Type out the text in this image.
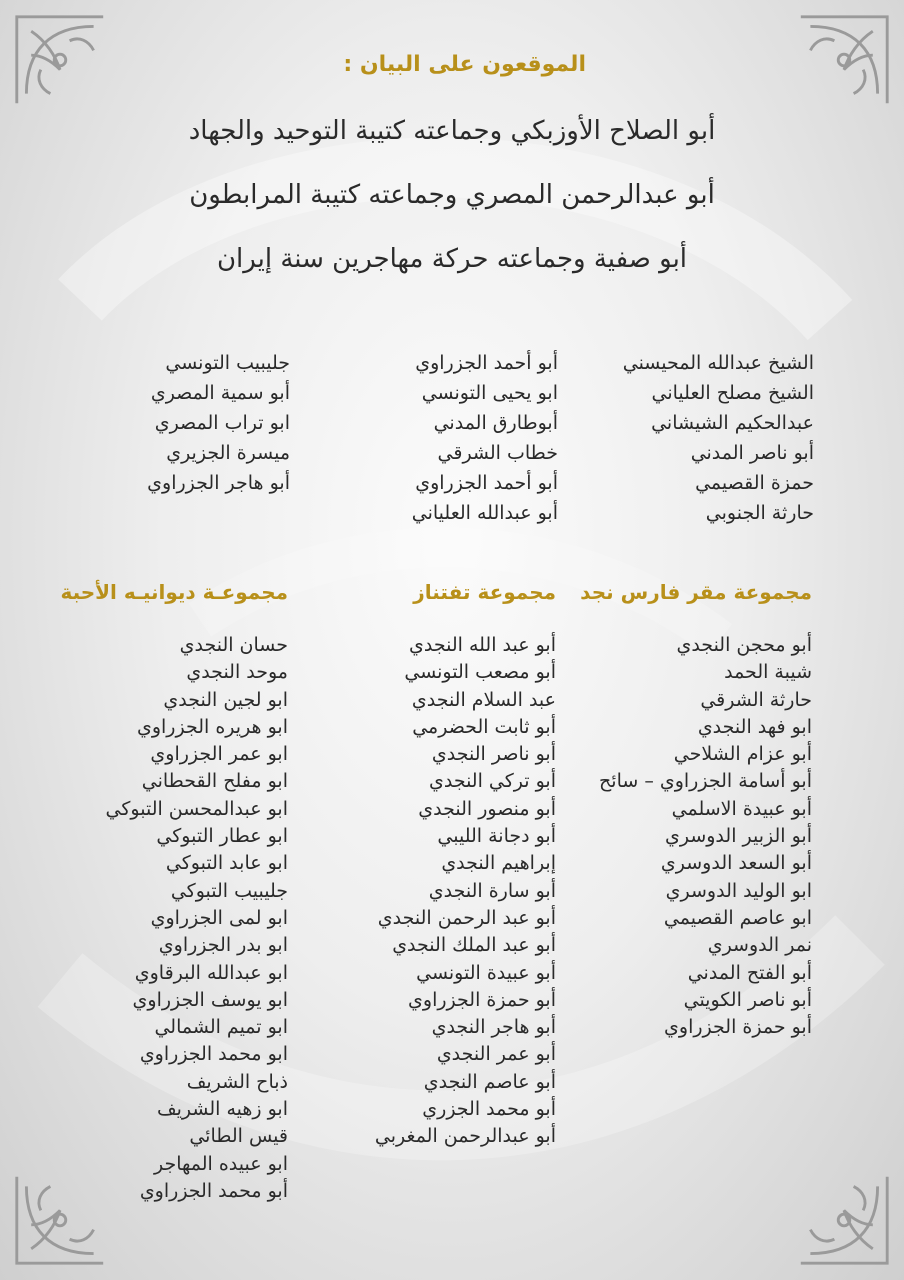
الموقعون على البيان :

أبو الصلاح الأوزبكي وجماعته كتيبة التوحيد والجهاد

أبو عبدالرحمن المصري وجماعته كتيبة المرابطون

أبو صفية وجماعته حركة مهاجرين سنة إيران

الشيخ عبدالله المحيسني
الشيخ مصلح العلياني
عبدالحكيم الشيشاني
أبو ناصر المدني
حمزة القصيمي
حارثة الجنوبي
أبو أحمد الجزراوي
ابو يحيى التونسي
أبوطارق المدني
خطاب الشرقي
أبو أحمد الجزراوي
أبو عبدالله العلياني
جليبيب التونسي
أبو سمية المصري
ابو تراب المصري
ميسرة الجزيري
أبو هاجر الجزراوي
مجموعة مقر فارس نجد
مجموعة تفتناز
مجموعـة ديوانيـه الأحبة
أبو محجن النجدي
شيبة الحمد
حارثة الشرقي
ابو فهد النجدي
أبو عزام الشلاحي
أبو أسامة الجزراوي – سائح
أبو عبيدة الاسلمي
أبو الزبير الدوسري
أبو السعد الدوسري
ابو الوليد الدوسري
ابو عاصم القصيمي
نمر الدوسري
أبو الفتح المدني
أبو ناصر الكويتي
أبو حمزة الجزراوي
أبو عبد الله النجدي
أبو مصعب التونسي
عبد السلام النجدي
أبو ثابت الحضرمي
أبو ناصر النجدي
أبو تركي النجدي
أبو منصور النجدي
أبو دجانة الليبي
إبراهيم النجدي
أبو سارة النجدي
أبو عبد الرحمن النجدي
أبو عبد الملك النجدي
أبو عبيدة التونسي
أبو حمزة الجزراوي
أبو هاجر النجدي
أبو عمر النجدي
أبو عاصم النجدي
أبو محمد الجزري
أبو عبدالرحمن المغربي
حسان النجدي
موحد النجدي
ابو لجين النجدي
ابو هريره الجزراوي
ابو عمر الجزراوي
ابو مفلح القحطاني
ابو عبدالمحسن التبوكي
ابو عطار التبوكي
ابو عابد التبوكي
جليبيب التبوكي
ابو لمى الجزراوي
ابو بدر الجزراوي
ابو عبدالله البرقاوي
ابو يوسف الجزراوي
ابو تميم الشمالي
ابو محمد الجزراوي
ذباح الشريف
ابو زهيه الشريف
قيس الطائي
ابو عبيده المهاجر
أبو محمد الجزراوي
